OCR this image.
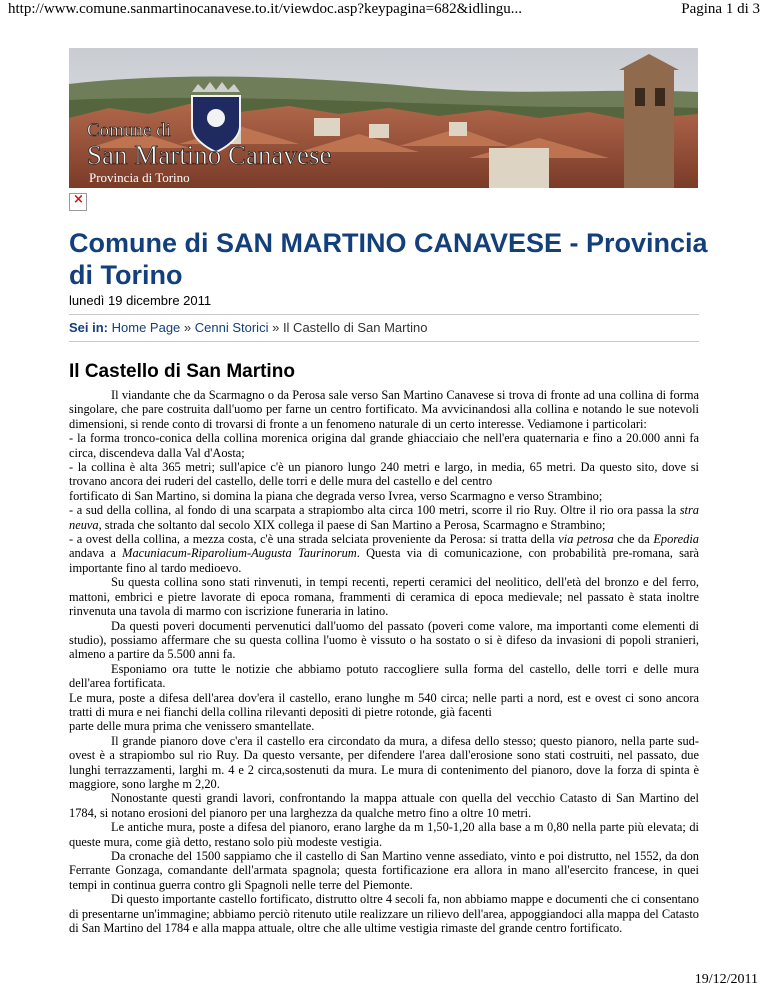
http://www.comune.sanmartinocanavese.to.it/viewdoc.asp?keypagina=682&idlingu...	Pagina 1 di 3
Comune di
San Martino Canavese
Provincia di Torino
×
Comune di SAN MARTINO CANAVESE - Provincia di Torino
lunedì 19 dicembre 2011
Sei in: Home Page » Cenni Storici » Il Castello di San Martino
Il Castello di San Martino

Il viandante che da Scarmagno o da Perosa sale verso San Martino Canavese si trova di fronte ad una collina di forma singolare, che pare costruita dall'uomo per farne un centro fortificato. Ma avvicinandosi alla collina e notando le sue notevoli dimensioni, si rende conto di trovarsi di fronte a un fenomeno naturale di un certo interesse. Vediamone i particolari:

- la forma tronco-conica della collina morenica origina dal grande ghiacciaio che nell'era quaternaria e fino a 20.000 anni fa circa, discendeva dalla Val d'Aosta;

- la collina è alta 365 metri; sull'apice c'è un pianoro lungo 240 metri e largo, in media, 65 metri. Da questo sito, dove si trovano ancora dei ruderi del castello, delle torri e delle mura del castello e del centro

fortificato di San Martino, si domina la piana che degrada verso Ivrea, verso Scarmagno e verso Strambino;

- a sud della collina, al fondo di una scarpata a strapiombo alta circa 100 metri, scorre il rio Ruy. Oltre il rio ora passa la stra neuva, strada che soltanto dal secolo XIX collega il paese di San Martino a Perosa, Scarmagno e Strambino;

- a ovest della collina, a mezza costa, c'è una strada selciata proveniente da Perosa: si tratta della via petrosa che da Eporedia andava a Macuniacum-Riparolium-Augusta Taurinorum. Questa via di comunicazione, con probabilità pre-romana, sarà importante fino al tardo medioevo.

Su questa collina sono stati rinvenuti, in tempi recenti, reperti ceramici del neolitico, dell'età del bronzo e del ferro, mattoni, embrici e pietre lavorate di epoca romana, frammenti di ceramica di epoca medievale; nel passato è stata inoltre rinvenuta una tavola di marmo con iscrizione funeraria in latino.

Da questi poveri documenti pervenutici dall'uomo del passato (poveri come valore, ma importanti come elementi di studio), possiamo affermare che su questa collina l'uomo è vissuto o ha sostato o si è difeso da invasioni di popoli stranieri, almeno a partire da 5.500 anni fa.

Esponiamo ora tutte le notizie che abbiamo potuto raccogliere sulla forma del castello, delle torri e delle mura dell'area fortificata.

Le mura, poste a difesa dell'area dov'era il castello, erano lunghe m 540 circa; nelle parti a nord, est e ovest ci sono ancora tratti di mura e nei fianchi della collina rilevanti depositi di pietre rotonde, già facenti

parte delle mura prima che venissero smantellate.

Il grande pianoro dove c'era il castello era circondato da mura, a difesa dello stesso; questo pianoro, nella parte sud-ovest è a strapiombo sul rio Ruy. Da questo versante, per difendere l'area dall'erosione sono stati costruiti, nel passato, due lunghi terrazzamenti, larghi m. 4 e 2 circa,sostenuti da mura. Le mura di contenimento del pianoro, dove la forza di spinta è maggiore, sono larghe m 2,20.

Nonostante questi grandi lavori, confrontando la mappa attuale con quella del vecchio Catasto di San Martino del 1784, si notano erosioni del pianoro per una larghezza da qualche metro fino a oltre 10 metri.

Le antiche mura, poste a difesa del pianoro, erano larghe da m 1,50-1,20 alla base a m 0,80 nella parte più elevata; di queste mura, come già detto, restano solo più modeste vestigia.

Da cronache del 1500 sappiamo che il castello di San Martino venne assediato, vinto e poi distrutto, nel 1552, da don Ferrante Gonzaga, comandante dell'armata spagnola; questa fortificazione era allora in mano all'esercito francese, in quei tempi in continua guerra contro gli Spagnoli nelle terre del Piemonte.

Di questo importante castello fortificato, distrutto oltre 4 secoli fa, non abbiamo mappe e documenti che ci consentano di presentarne un'immagine; abbiamo perciò ritenuto utile realizzare un rilievo dell'area, appoggiandoci alla mappa del Catasto di San Martino del 1784 e alla mappa attuale, oltre che alle ultime vestigia rimaste del grande centro fortificato.

19/12/2011
